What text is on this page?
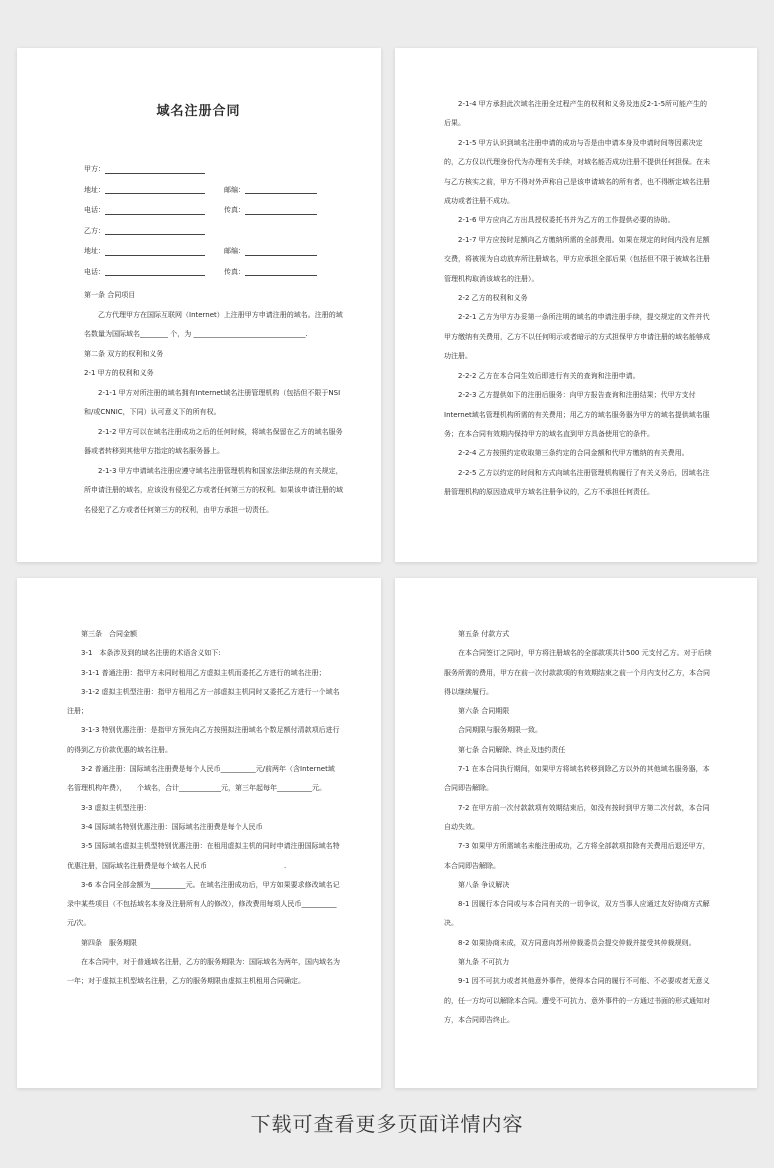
域名注册合同
甲方：
地址：	邮编：
电话：	传真：
乙方：
地址：	邮编：
电话：	传真：

第一条 合同项目

乙方代理甲方在国际互联网（Internet）上注册甲方申请注册的域名。注册的域名数量为国际域名________ 个，为 ________________________________.

第二条 双方的权利和义务

2-1 甲方的权利和义务

2-1-1 甲方对所注册的域名拥有Internet域名注册管理机构（包括但不限于NSI和/或CNNIC，下同）认可意义下的所有权。

2-1-2 甲方可以在域名注册成功之后的任何时候，将域名保留在乙方的域名服务器或者转移到其他甲方指定的域名服务器上。

2-1-3 甲方申请域名注册应遵守域名注册管理机构和国家法律法规的有关规定，所申请注册的域名，应该没有侵犯乙方或者任何第三方的权利。如果该申请注册的域名侵犯了乙方或者任何第三方的权利，由甲方承担一切责任。

2-1-4 甲方承担此次域名注册全过程产生的权利和义务及违反2-1-5所可能产生的后果。

2-1-5 甲方认识到域名注册申请的成功与否是由申请本身及申请时间等因素决定的，乙方仅以代理身份代为办理有关手续，对域名能否成功注册不提供任何担保。在未与乙方核实之前，甲方不得对外声称自己是该申请域名的所有者，也不得断定域名注册成功或者注册不成功。

2-1-6 甲方应向乙方出具授权委托书并为乙方的工作提供必要的协助。

2-1-7 甲方应按时足额向乙方缴纳所需的全部费用。如果在规定的时间内没有足额交费，将被视为自动放弃所注册域名，甲方应承担全部后果（包括但不限于被域名注册管理机构取消该域名的注册）。

2-2 乙方的权利和义务

2-2-1 乙方为甲方办妥第一条所注明的域名的申请注册手续，提交规定的文件并代甲方缴纳有关费用，乙方不以任何明示或者暗示的方式担保甲方申请注册的域名能够成功注册。

2-2-2 乙方在本合同生效后即进行有关的查询和注册申请。

2-2-3 乙方提供如下的注册后服务：向甲方报告查询和注册结果；代甲方支付Internet域名管理机构所需的有关费用；用乙方的域名服务器为甲方的域名提供域名服务；在本合同有效期内保持甲方的域名直到甲方具备使用它的条件。

2-2-4 乙方按照约定收取第三条约定的合同金额和代甲方缴纳的有关费用。

2-2-5 乙方以约定的时间和方式向域名注册管理机构履行了有关义务后，因域名注册管理机构的原因造成甲方域名注册争议的，乙方不承担任何责任。

第三条　合同金额

3-1　本条涉及到的域名注册的术语含义如下:

3-1-1 普通注册：指甲方未同时租用乙方虚拟主机而委托乙方进行的域名注册；

3-1-2 虚拟主机型注册：指甲方租用乙方一部虚拟主机同时又委托乙方进行一个域名注册；

3-1-3 特别优惠注册：是指甲方预先向乙方按照拟注册域名个数足额付清款项后进行的得到乙方价款优惠的域名注册。

3-2 普通注册：国际域名注册费是每个人民币__________元/前两年（含Internet域名管理机构年费），　　个域名，合计____________元，第三年起每年__________元。

3-3 虚拟主机型注册：

3-4 国际域名特别优惠注册：国际域名注册费是每个人民币

3-5 国际域名虚拟主机型特别优惠注册：在租用虚拟主机的同时申请注册国际域名特优惠注册，国际域名注册费是每个域名人民币　　　　　　　　　　　.

3-6 本合同全部金额为__________元。在域名注册成功后，甲方如果要求修改域名记录中某些项目（不包括域名本身及注册所有人的修改），修改费用每项人民币__________元/次。

第四条　服务期限

在本合同中，对于普通域名注册，乙方的服务期限为：国际域名为两年，国内域名为一年；对于虚拟主机型域名注册，乙方的服务期限由虚拟主机租用合同确定。

第五条 付款方式

在本合同签订之同时，甲方将注册域名的全部款项共计500 元支付乙方。对于后续服务所需的费用，甲方在前一次付款款项的有效期结束之前一个月内支付乙方，本合同得以继续履行。

第六条 合同期限

合同期限与服务期限一致。

第七条 合同解除、终止及违约责任

7-1 在本合同执行期间，如果甲方将域名转移到除乙方以外的其他域名服务器，本合同即告解除。

7-2 在甲方前一次付款款项有效期结束后，如没有按时到甲方第二次付款，本合同自动失效。

7-3 如果甲方所需域名未能注册成功，乙方将全部款项扣除有关费用后退还甲方，本合同即告解除。

第八条 争议解决

8-1 因履行本合同或与本合同有关的一切争议，双方当事人应通过友好协商方式解决。

8-2 如果协商未成，双方同意向苏州仲裁委员会提交仲裁并接受其仲裁规则。

第九条 不可抗力

9-1 因不可抗力或者其他意外事件，使得本合同的履行不可能、不必要或者无意义的，任一方均可以解除本合同。遭受不可抗力、意外事件的一方通过书面的形式通知对方，本合同即告终止。

下载可查看更多页面详情内容
